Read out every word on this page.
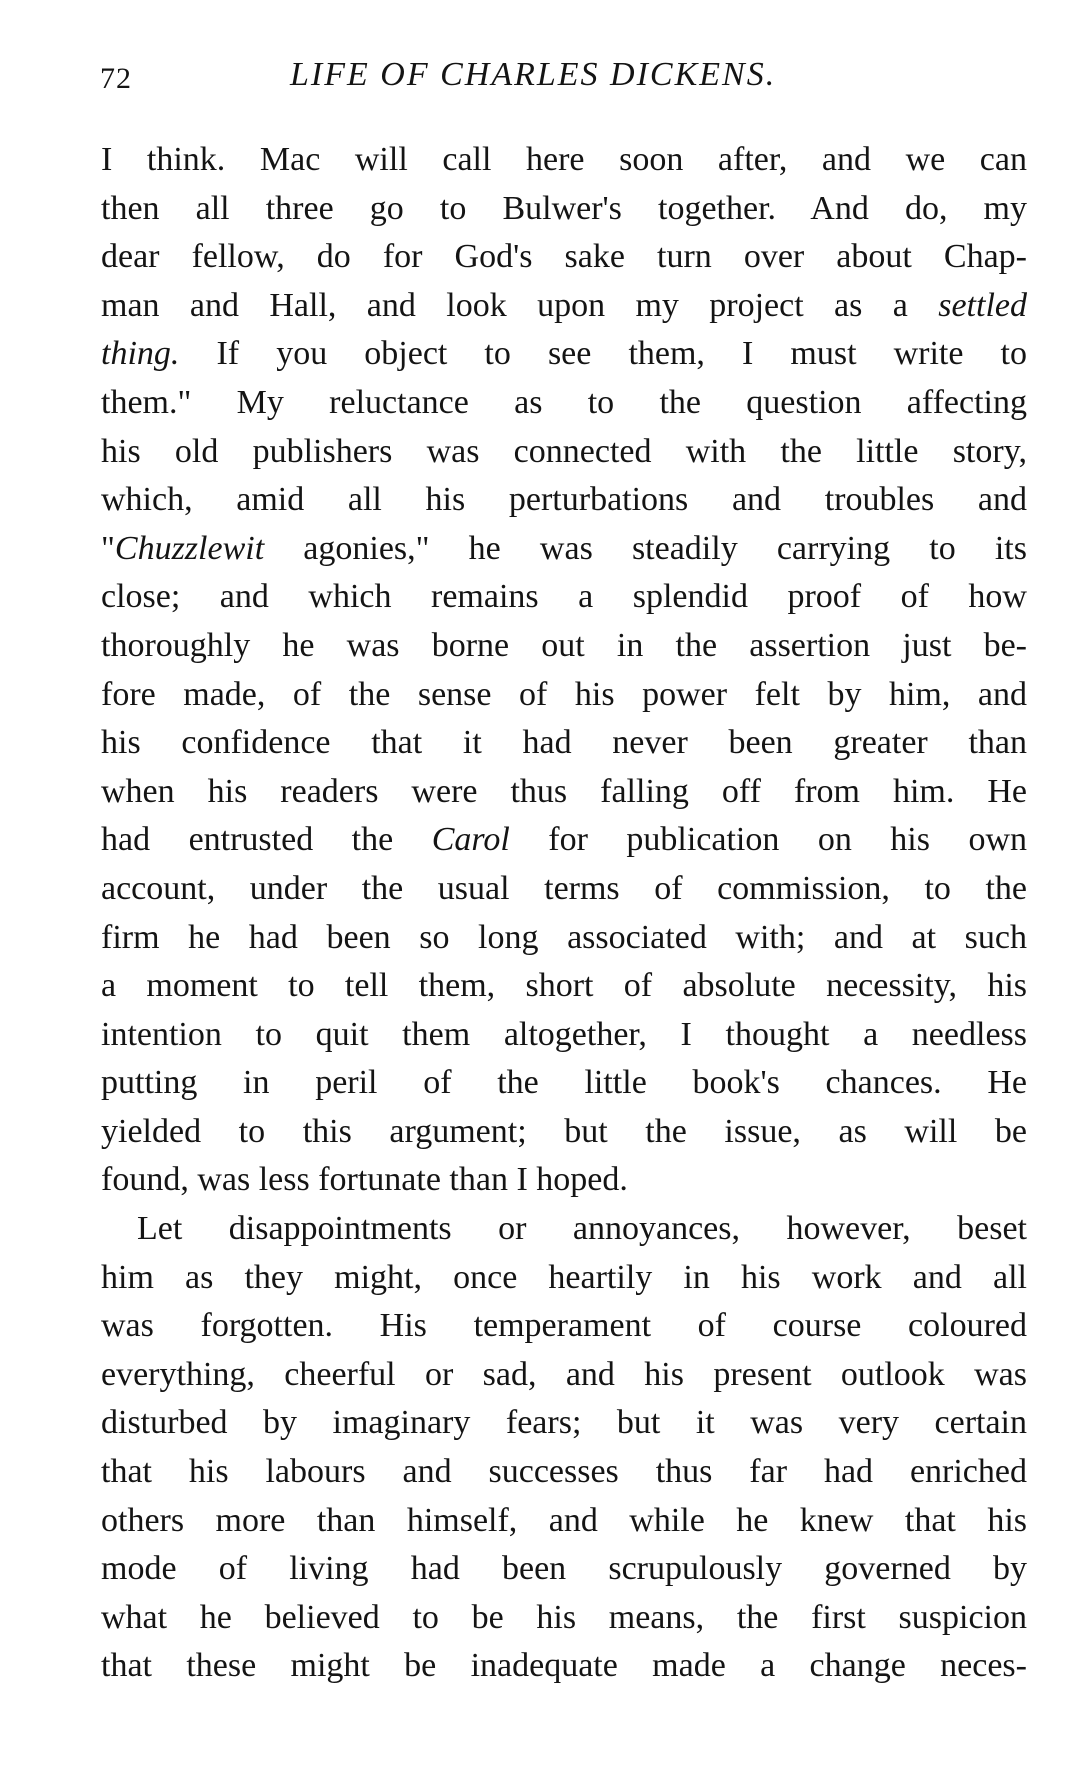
72	LIFE OF CHARLES DICKENS.
I think. Mac will call here soon after, and we can
then all three go to Bulwer's together. And do, my
dear fellow, do for God's sake turn over about Chap-
man and Hall, and look upon my project as a settled
thing. If you object to see them, I must write to
them." My reluctance as to the question affecting
his old publishers was connected with the little story,
which, amid all his perturbations and troubles and
"Chuzzlewit agonies," he was steadily carrying to its
close; and which remains a splendid proof of how
thoroughly he was borne out in the assertion just be-
fore made, of the sense of his power felt by him, and
his confidence that it had never been greater than
when his readers were thus falling off from him. He
had entrusted the Carol for publication on his own
account, under the usual terms of commission, to the
firm he had been so long associated with; and at such
a moment to tell them, short of absolute necessity, his
intention to quit them altogether, I thought a needless
putting in peril of the little book's chances. He
yielded to this argument; but the issue, as will be
found, was less fortunate than I hoped.
Let disappointments or annoyances, however, beset
him as they might, once heartily in his work and all
was forgotten. His temperament of course coloured
everything, cheerful or sad, and his present outlook was
disturbed by imaginary fears; but it was very certain
that his labours and successes thus far had enriched
others more than himself, and while he knew that his
mode of living had been scrupulously governed by
what he believed to be his means, the first suspicion
that these might be inadequate made a change neces-
